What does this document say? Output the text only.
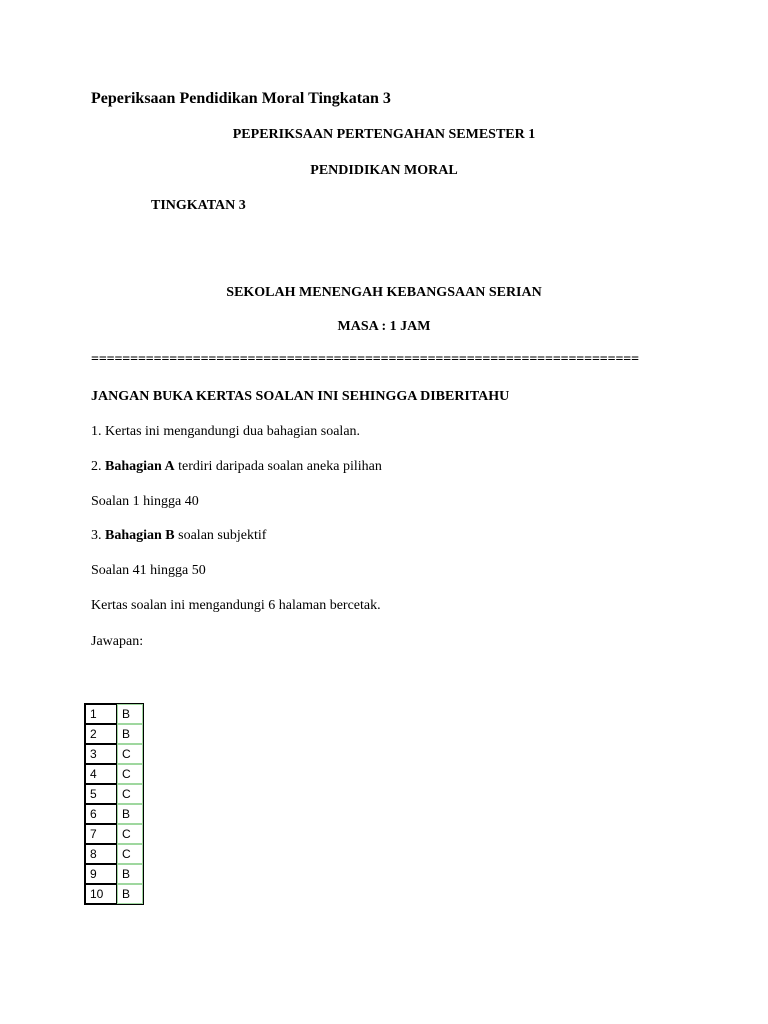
Peperiksaan Pendidikan Moral Tingkatan 3
PEPERIKSAAN PERTENGAHAN SEMESTER 1
PENDIDIKAN MORAL
TINGKATAN 3
SEKOLAH MENENGAH KEBANGSAAN SERIAN
MASA : 1 JAM
======================================================================
JANGAN BUKA KERTAS SOALAN INI SEHINGGA DIBERITAHU
1. Kertas ini mengandungi dua bahagian soalan.
2. Bahagian A terdiri daripada soalan aneka pilihan
Soalan 1 hingga 40
3. Bahagian B soalan subjektif
Soalan 41 hingga 50
Kertas soalan ini mengandungi 6 halaman bercetak.
Jawapan:
1	B
2	B
3	C
4	C
5	C
6	B
7	C
8	C
9	B
10	B
